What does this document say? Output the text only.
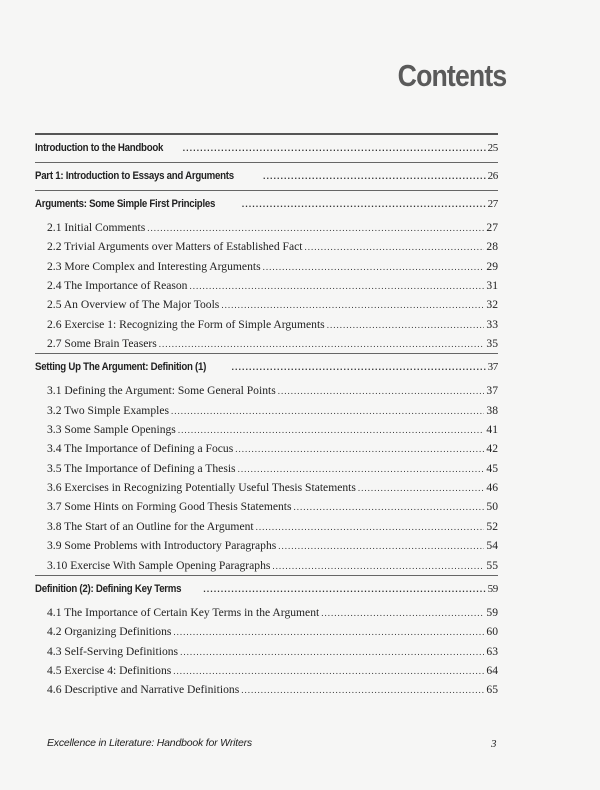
Contents
Introduction to the Handbook .....	25
Part 1: Introduction to Essays and Arguments .....	26
Arguments: Some Simple First Principles .....	27
2.1 Initial Comments .....	27
2.2 Trivial Arguments over Matters of Established Fact .....	28
2.3 More Complex and Interesting Arguments .....	29
2.4 The Importance of Reason .....	31
2.5 An Overview of The Major Tools .....	32
2.6 Exercise 1: Recognizing the Form of Simple Arguments .....	33
2.7 Some Brain Teasers .....	35
Setting Up The Argument: Definition (1) .....	37
3.1 Defining the Argument: Some General Points .....	37
3.2 Two Simple Examples .....	38
3.3 Some Sample Openings .....	41
3.4 The Importance of Defining a Focus .....	42
3.5 The Importance of Defining a Thesis .....	45
3.6 Exercises in Recognizing Potentially Useful Thesis Statements .....	46
3.7 Some Hints on Forming Good Thesis Statements .....	50
3.8 The Start of an Outline for the Argument .....	52
3.9 Some Problems with Introductory Paragraphs .....	54
3.10 Exercise With Sample Opening Paragraphs .....	55
Definition (2): Defining Key Terms .....	59
4.1 The Importance of Certain Key Terms in the Argument .....	59
4.2 Organizing Definitions .....	60
4.3 Self-Serving Definitions .....	63
4.5 Exercise 4: Definitions .....	64
4.6 Descriptive and Narrative Definitions .....	65
Excellence in Literature: Handbook for Writers	3
